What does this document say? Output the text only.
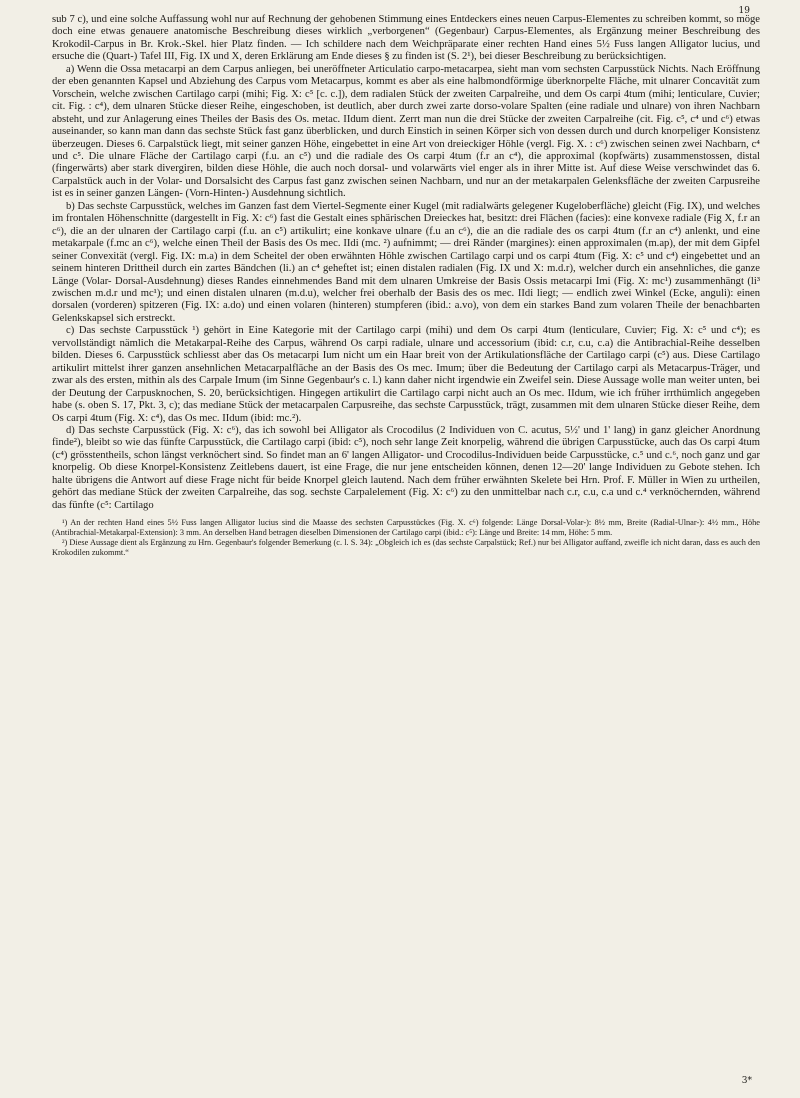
19

sub 7 c), und eine solche Auffassung wohl nur auf Rechnung der gehobenen Stimmung eines Entdeckers eines neuen Carpus-Elementes zu schreiben kommt, so möge doch eine etwas genauere anatomische Beschreibung dieses wirklich „verborgenen“ (Gegenbaur) Carpus-Elementes, als Ergänzung meiner Beschreibung des Krokodil-Carpus in Br. Krok.-Skel. hier Platz finden. — Ich schildere nach dem Weichpräparate einer rechten Hand eines 5½ Fuss langen Alligator lucius, und ersuche die (Quart-) Tafel III, Fig. IX und X, deren Erklärung am Ende dieses § zu finden ist (S. 2¹), bei dieser Beschreibung zu berücksichtigen.

a) Wenn die Ossa metacarpi an dem Carpus anliegen, bei uneröffneter Articulatio carpo-metacarpea, sieht man vom sechsten Carpusstück Nichts. Nach Eröffnung der eben genannten Kapsel und Abziehung des Carpus vom Metacarpus, kommt es aber als eine halbmondförmige überknorpelte Fläche, mit ulnarer Concavität zum Vorschein, welche zwischen Cartilago carpi (mihi; Fig. X: c⁵ [c. c.]), dem radialen Stück der zweiten Carpalreihe, und dem Os carpi 4tum (mihi; lenticulare, Cuvier; cit. Fig. : c⁴), dem ulnaren Stücke dieser Reihe, eingeschoben, ist deutlich, aber durch zwei zarte dorso-volare Spalten (eine radiale und ulnare) von ihren Nachbarn absteht, und zur Anlagerung eines Theiles der Basis des Os. metac. IIdum dient. Zerrt man nun die drei Stücke der zweiten Carpalreihe (cit. Fig. c⁵, c⁴ und c⁶) etwas auseinander, so kann man dann das sechste Stück fast ganz überblicken, und durch Einstich in seinen Körper sich von dessen durch und durch knorpeliger Konsistenz überzeugen. Dieses 6. Carpalstück liegt, mit seiner ganzen Höhe, eingebettet in eine Art von dreieckiger Höhle (vergl. Fig. X. : c⁶) zwischen seinen zwei Nachbarn, c⁴ und c⁵. Die ulnare Fläche der Cartilago carpi (f.u. an c⁵) und die radiale des Os carpi 4tum (f.r an c⁴), die approximal (kopfwärts) zusammenstossen, distal (fingerwärts) aber stark divergiren, bilden diese Höhle, die auch noch dorsal- und volarwärts viel enger als in ihrer Mitte ist. Auf diese Weise verschwindet das 6. Carpalstück auch in der Volar- und Dorsalsicht des Carpus fast ganz zwischen seinen Nachbarn, und nur an der metakarpalen Gelenksfläche der zweiten Carpusreihe ist es in seiner ganzen Längen- (Vorn-Hinten-) Ausdehnung sichtlich.

b) Das sechste Carpusstück, welches im Ganzen fast dem Viertel-Segmente einer Kugel (mit radialwärts gelegener Kugeloberfläche) gleicht (Fig. IX), und welches im frontalen Höhenschnitte (dargestellt in Fig. X: c⁶) fast die Gestalt eines sphärischen Dreieckes hat, besitzt: drei Flächen (facies): eine konvexe radiale (Fig X, f.r an c⁶), die an der ulnaren der Cartilago carpi (f.u. an c⁵) artikulirt; eine konkave ulnare (f.u an c⁶), die an die radiale des os carpi 4tum (f.r an c⁴) anlenkt, und eine metakarpale (f.mc an c⁶), welche einen Theil der Basis des Os mec. IIdi (mc. ²) aufnimmt; — drei Ränder (margines): einen approximalen (m.ap), der mit dem Gipfel seiner Convexität (vergl. Fig. IX: m.a) in dem Scheitel der oben erwähnten Höhle zwischen Cartilago carpi und os carpi 4tum (Fig. X: c⁵ und c⁴) eingebettet und an seinem hinteren Drittheil durch ein zartes Bändchen (li.) an c⁴ geheftet ist; einen distalen radialen (Fig. IX und X: m.d.r), welcher durch ein ansehnliches, die ganze Länge (Volar- Dorsal-Ausdehnung) dieses Randes einnehmendes Band mit dem ulnaren Umkreise der Basis Ossis metacarpi Imi (Fig. X: mc¹) zusammenhängt (li³ zwischen m.d.r und mc¹); und einen distalen ulnaren (m.d.u), welcher frei oberhalb der Basis des os mec. IIdi liegt; — endlich zwei Winkel (Ecke, anguli): einen dorsalen (vorderen) spitzeren (Fig. IX: a.do) und einen volaren (hinteren) stumpferen (ibid.: a.vo), von dem ein starkes Band zum volaren Theile der benachbarten Gelenkskapsel sich erstreckt.

c) Das sechste Carpusstück ¹) gehört in Eine Kategorie mit der Cartilago carpi (mihi) und dem Os carpi 4tum (lenticulare, Cuvier; Fig. X: c⁵ und c⁴); es vervollständigt nämlich die Metakarpal-Reihe des Carpus, während Os carpi radiale, ulnare und accessorium (ibid: c.r, c.u, c.a) die Antibrachial-Reihe desselben bilden. Dieses 6. Carpusstück schliesst aber das Os metacarpi Ium nicht um ein Haar breit von der Artikulationsfläche der Cartilago carpi (c⁵) aus. Diese Cartilago artikulirt mittelst ihrer ganzen ansehnlichen Metacarpalfläche an der Basis des Os mec. Imum; über die Bedeutung der Cartilago carpi als Metacarpus-Träger, und zwar als des ersten, mithin als des Carpale Imum (im Sinne Gegenbaur's c. l.) kann daher nicht irgendwie ein Zweifel sein. Diese Aussage wolle man weiter unten, bei der Deutung der Carpusknochen, S. 20, berücksichtigen. Hingegen artikulirt die Cartilago carpi nicht auch an Os mec. IIdum, wie ich früher irrthümlich angegeben habe (s. oben S. 17, Pkt. 3, c); das mediane Stück der metacarpalen Carpusreihe, das sechste Carpusstück, trägt, zusammen mit dem ulnaren Stücke dieser Reihe, dem Os carpi 4tum (Fig. X: c⁴), das Os mec. IIdum (ibid: mc.²).

d) Das sechste Carpusstück (Fig. X: c⁶), das ich sowohl bei Alligator als Crocodilus (2 Individuen von C. acutus, 5½' und 1' lang) in ganz gleicher Anordnung finde²), bleibt so wie das fünfte Carpusstück, die Cartilago carpi (ibid: c⁵), noch sehr lange Zeit knorpelig, während die übrigen Carpusstücke, auch das Os carpi 4tum (c⁴) grösstentheils, schon längst verknöchert sind. So findet man an 6' langen Alligator- und Crocodilus-Individuen beide Carpusstücke, c.⁵ und c.⁶, noch ganz und gar knorpelig. Ob diese Knorpel-Konsistenz Zeitlebens dauert, ist eine Frage, die nur jene entscheiden können, denen 12—20' lange Individuen zu Gebote stehen. Ich halte übrigens die Antwort auf diese Frage nicht für beide Knorpel gleich lautend. Nach dem früher erwähnten Skelete bei Hrn. Prof. F. Müller in Wien zu urtheilen, gehört das mediane Stück der zweiten Carpalreihe, das sog. sechste Carpalelement (Fig. X: c⁶) zu den unmittelbar nach c.r, c.u, c.a und c.⁴ verknöchernden, während das fünfte (c⁵: Cartilago

¹) An der rechten Hand eines 5½ Fuss langen Alligator lucius sind die Maasse des sechsten Carpusstückes (Fig. X. c⁶) folgende: Länge Dorsal-Volar-): 8½ mm, Breite (Radial-Ulnar-): 4½ mm., Höhe (Antibrachial-Metakarpal-Extension): 3 mm. An derselben Hand betragen dieselben Dimensionen der Cartilago carpi (ibid.: c⁵): Länge und Breite: 14 mm, Höhe: 5 mm.

²) Diese Aussage dient als Ergänzung zu Hrn. Gegenbaur's folgender Bemerkung (c. l. S. 34): „Obgleich ich es (das sechste Carpalstück; Ref.) nur bei Alligator auffand, zweifle ich nicht daran, dass es auch den Krokodilen zukommt.“

3*
